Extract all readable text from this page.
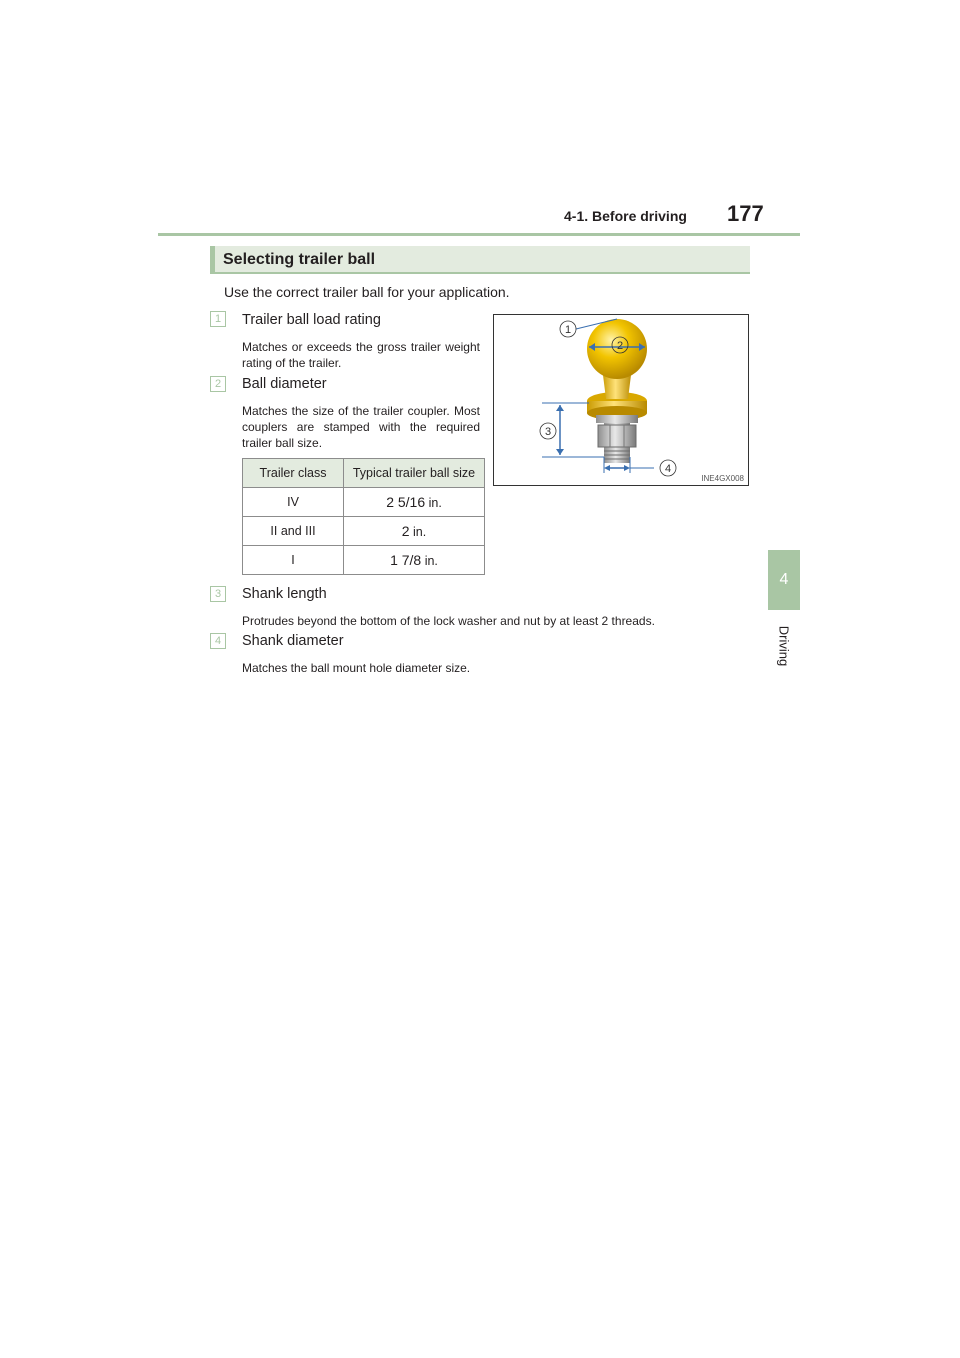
4-1. Before driving 177
4
Driving
Selecting trailer ball
Use the correct trailer ball for your application.
1	Trailer ball load rating
Matches or exceeds the gross trailer weight rating of the trailer.
2	Ball diameter
Matches the size of the trailer coupler. Most couplers are stamped with the required trailer ball size.
Trailer class	Typical trailer ball size
IV	2 5/16 in.
II and III	2 in.
I	1 7/8 in.
1
2
3
4
INE4GX008
3	Shank length
Protrudes beyond the bottom of the lock washer and nut by at least 2 threads.
4	Shank diameter
Matches the ball mount hole diameter size.
